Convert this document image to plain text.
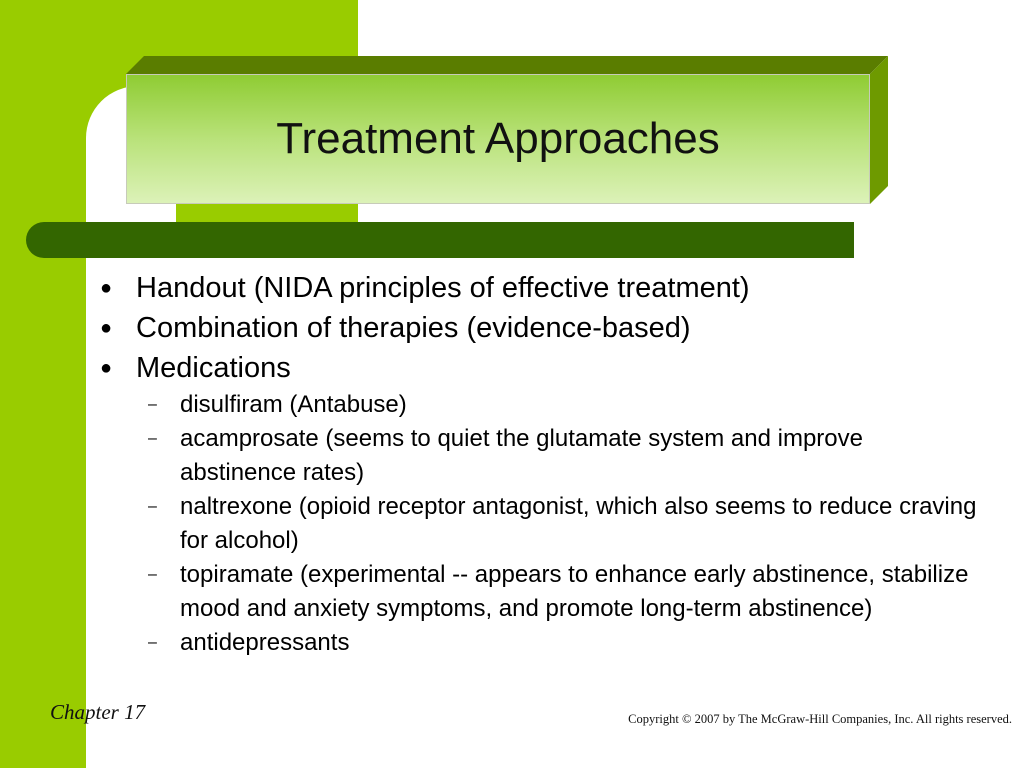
Treatment Approaches
● Handout (NIDA principles of effective treatment)
● Combination of therapies (evidence-based)
● Medications
– disulfiram (Antabuse)
– acamprosate (seems to quiet the glutamate system and improve abstinence rates)
– naltrexone (opioid receptor antagonist, which also seems to reduce craving for alcohol)
– topiramate (experimental -- appears to enhance early abstinence, stabilize mood and anxiety symptoms, and promote long-term abstinence)
– antidepressants
Chapter 17	Copyright © 2007 by The McGraw-Hill Companies, Inc. All rights reserved.
